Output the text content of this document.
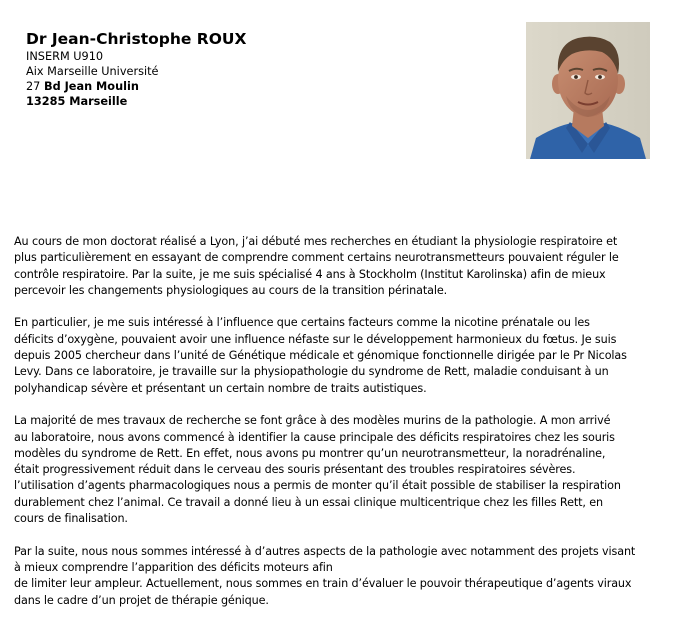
Dr Jean-Christophe ROUX
INSERM U910
Aix Marseille Université
27 Bd Jean Moulin
13285 Marseille

Au cours de mon doctorat réalisé a Lyon, j’ai débuté mes recherches en étudiant la physiologie respiratoire et
plus particulièrement en essayant de comprendre comment certains neurotransmetteurs pouvaient réguler le
contrôle respiratoire. Par la suite, je me suis spécialisé 4 ans à Stockholm (Institut Karolinska) afin de mieux
percevoir les changements physiologiques au cours de la transition périnatale.

En particulier, je me suis intéressé à l’influence que certains facteurs comme la nicotine prénatale ou les
déficits d’oxygène, pouvaient avoir une influence néfaste sur le développement harmonieux du fœtus. Je suis
depuis 2005 chercheur dans l’unité de Génétique médicale et génomique fonctionnelle dirigée par le Pr Nicolas
Levy. Dans ce laboratoire, je travaille sur la physiopathologie du syndrome de Rett, maladie conduisant à un
polyhandicap sévère et présentant un certain nombre de traits autistiques.

La majorité de mes travaux de recherche se font grâce à des modèles murins de la pathologie. A mon arrivé
au laboratoire, nous avons commencé à identifier la cause principale des déficits respiratoires chez les souris
modèles du syndrome de Rett. En effet, nous avons pu montrer qu’un neurotransmetteur, la noradrénaline,
était progressivement réduit dans le cerveau des souris présentant des troubles respiratoires sévères.
l’utilisation d’agents pharmacologiques nous a permis de monter qu’il était possible de stabiliser la respiration
durablement chez l’animal. Ce travail a donné lieu à un essai clinique multicentrique chez les filles Rett, en
cours de finalisation.

Par la suite, nous nous sommes intéressé à d’autres aspects de la pathologie avec notamment des projets visant
à mieux comprendre l’apparition des déficits moteurs afin
de limiter leur ampleur. Actuellement, nous sommes en train d’évaluer le pouvoir thérapeutique d’agents viraux
dans le cadre d’un projet de thérapie génique.
